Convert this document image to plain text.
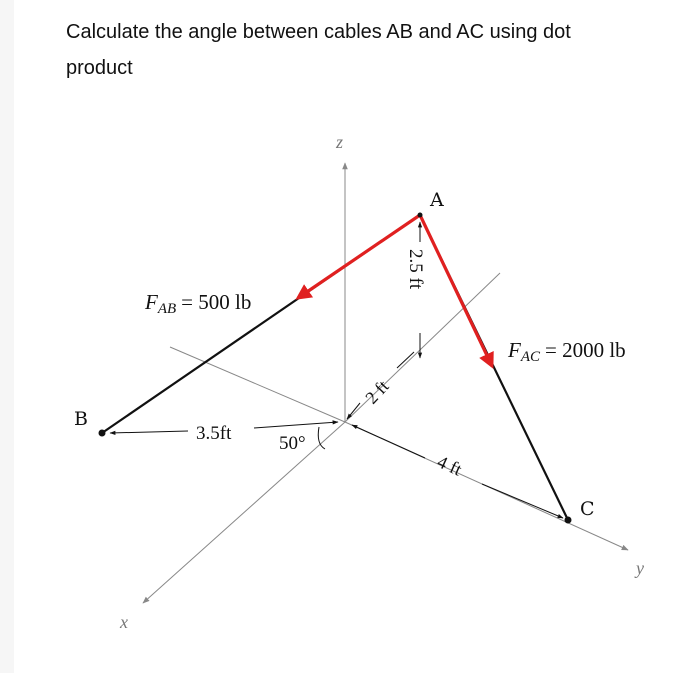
Calculate the angle between cables AB and AC using dot
product
z
x
y
A
B
C
FAB = 500 lb
FAC = 2000 lb
2.5 ft
2 ft
4 ft
3.5ft	50°
